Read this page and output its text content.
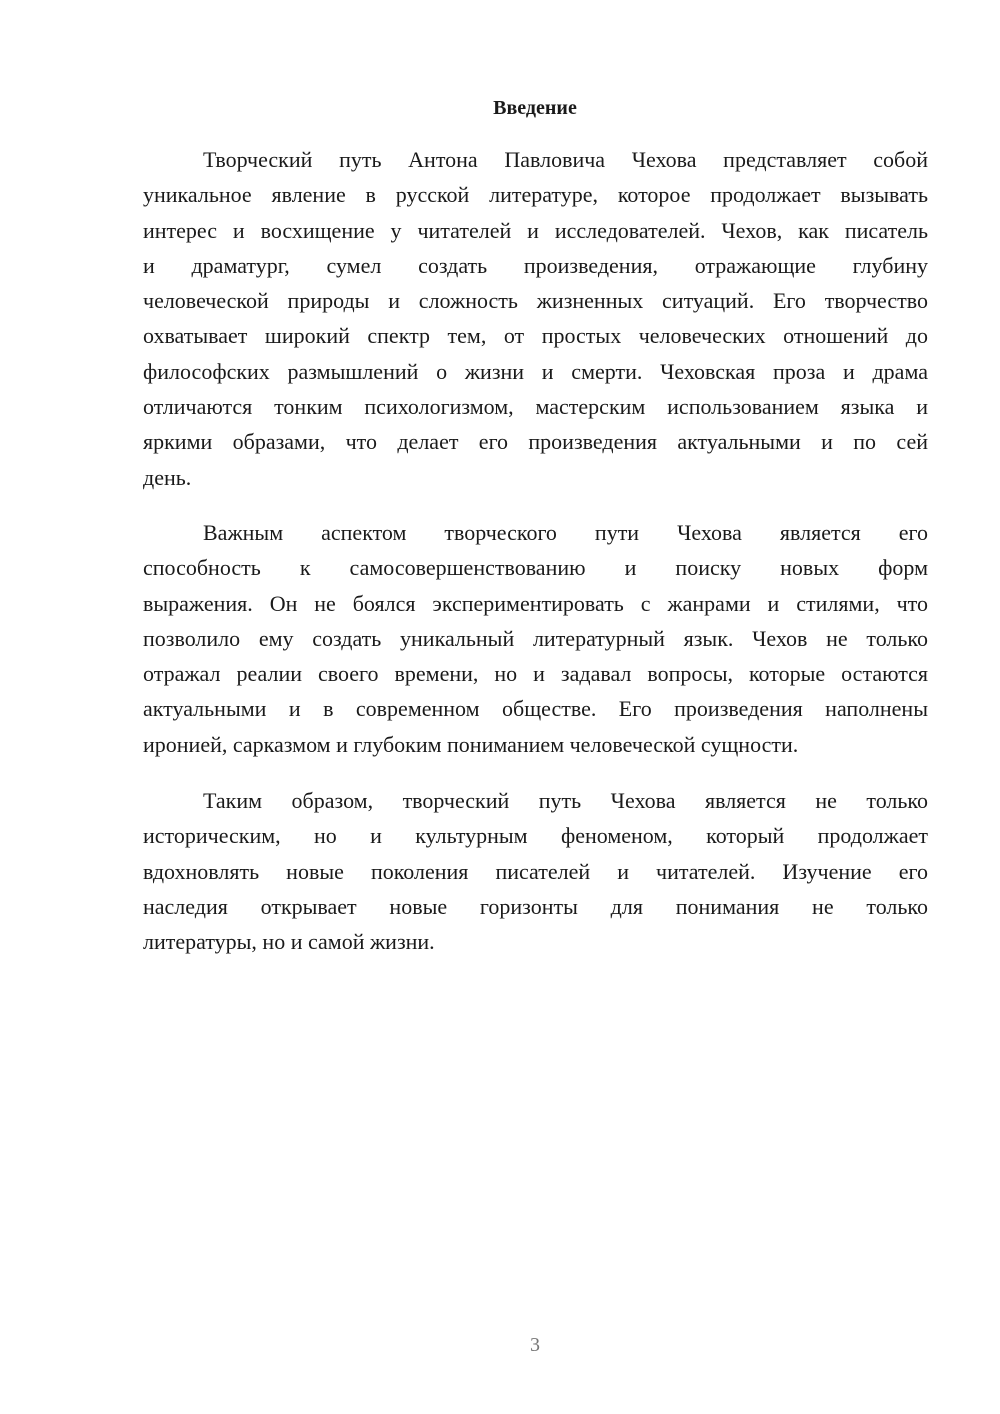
Введение
Творческий путь Антона Павловича Чехова представляет собой
уникальное явление в русской литературе, которое продолжает вызывать
интерес и восхищение у читателей и исследователей. Чехов, как писатель
и драматург, сумел создать произведения, отражающие глубину
человеческой природы и сложность жизненных ситуаций. Его творчество
охватывает широкий спектр тем, от простых человеческих отношений до
философских размышлений о жизни и смерти. Чеховская проза и драма
отличаются тонким психологизмом, мастерским использованием языка и
яркими образами, что делает его произведения актуальными и по сей
день.
Важным аспектом творческого пути Чехова является его
способность к самосовершенствованию и поиску новых форм
выражения. Он не боялся экспериментировать с жанрами и стилями, что
позволило ему создать уникальный литературный язык. Чехов не только
отражал реалии своего времени, но и задавал вопросы, которые остаются
актуальными и в современном обществе. Его произведения наполнены
иронией, сарказмом и глубоким пониманием человеческой сущности.
Таким образом, творческий путь Чехова является не только
историческим, но и культурным феноменом, который продолжает
вдохновлять новые поколения писателей и читателей. Изучение его
наследия открывает новые горизонты для понимания не только
литературы, но и самой жизни.
3
